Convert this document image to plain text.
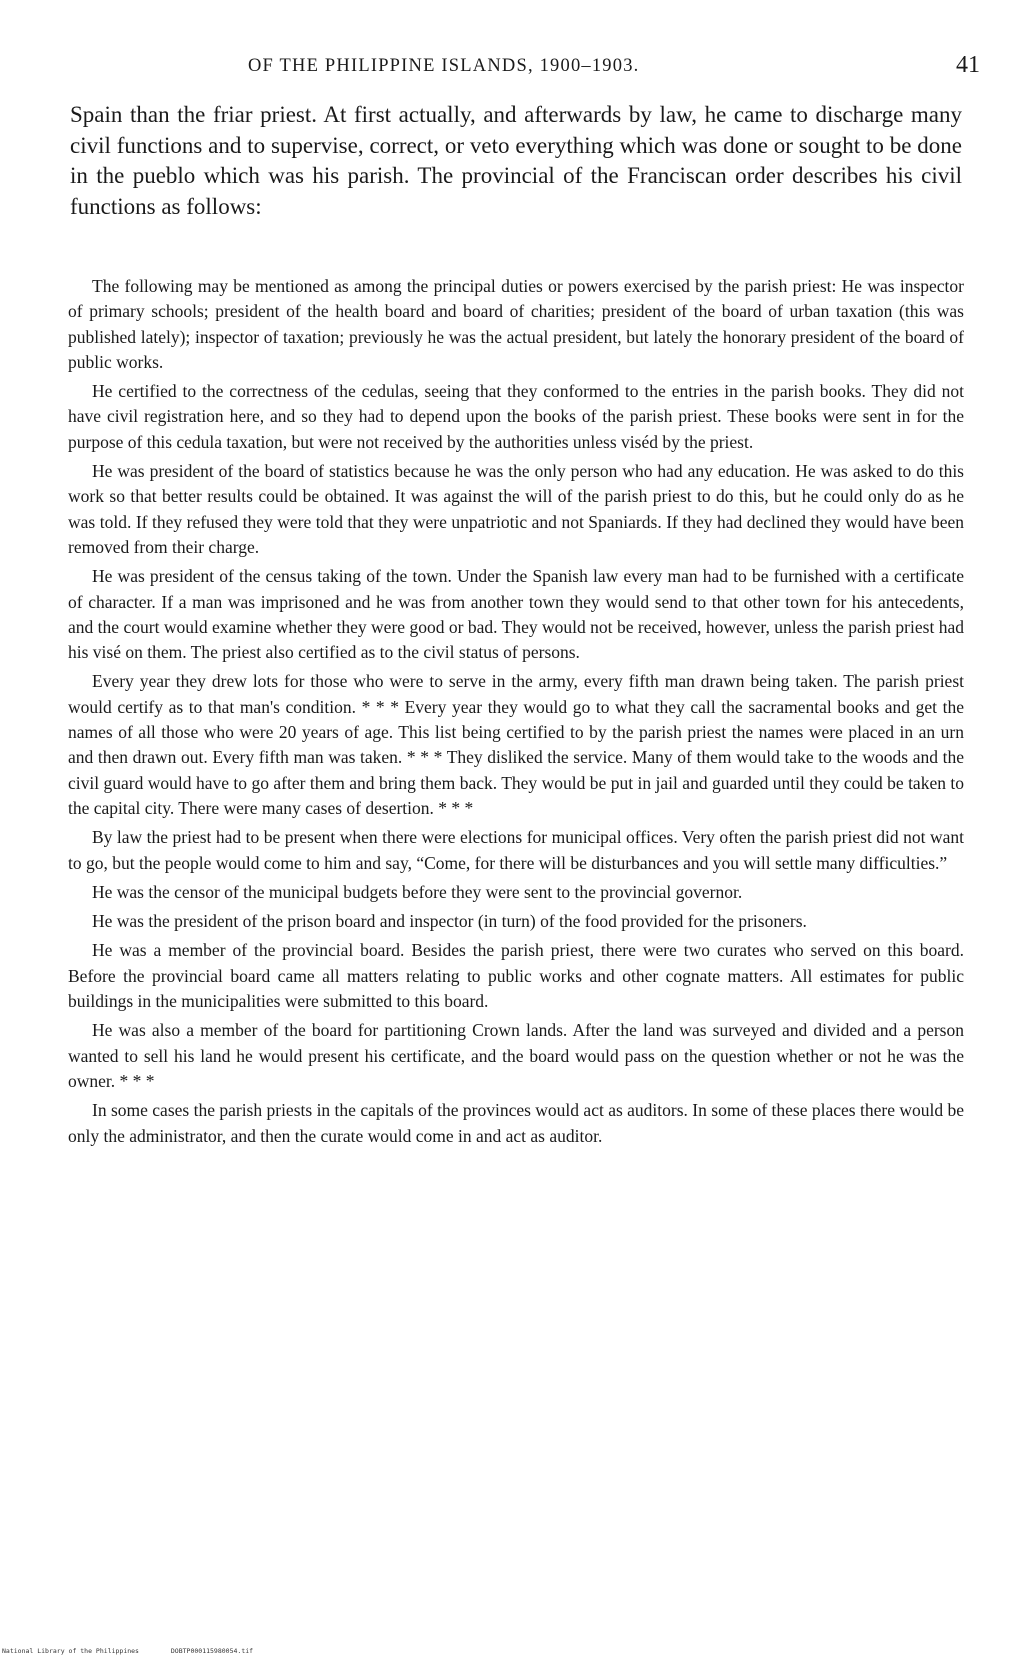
OF THE PHILIPPINE ISLANDS, 1900–1903.	41

Spain than the friar priest. At first actually, and afterwards by law, he came to discharge many civil functions and to supervise, correct, or veto everything which was done or sought to be done in the pueblo which was his parish. The provincial of the Franciscan order describes his civil functions as follows:

The following may be mentioned as among the principal duties or powers exercised by the parish priest: He was inspector of primary schools; president of the health board and board of charities; president of the board of urban taxation (this was published lately); inspector of taxation; previously he was the actual president, but lately the honorary president of the board of public works.

He certified to the correctness of the cedulas, seeing that they conformed to the entries in the parish books. They did not have civil registration here, and so they had to depend upon the books of the parish priest. These books were sent in for the purpose of this cedula taxation, but were not received by the authorities unless viséd by the priest.

He was president of the board of statistics because he was the only person who had any education. He was asked to do this work so that better results could be obtained. It was against the will of the parish priest to do this, but he could only do as he was told. If they refused they were told that they were unpatriotic and not Spaniards. If they had declined they would have been removed from their charge.

He was president of the census taking of the town. Under the Spanish law every man had to be furnished with a certificate of character. If a man was imprisoned and he was from another town they would send to that other town for his antecedents, and the court would examine whether they were good or bad. They would not be received, however, unless the parish priest had his visé on them. The priest also certified as to the civil status of persons.

Every year they drew lots for those who were to serve in the army, every fifth man drawn being taken. The parish priest would certify as to that man's condition. * * * Every year they would go to what they call the sacramental books and get the names of all those who were 20 years of age. This list being certified to by the parish priest the names were placed in an urn and then drawn out. Every fifth man was taken. * * * They disliked the service. Many of them would take to the woods and the civil guard would have to go after them and bring them back. They would be put in jail and guarded until they could be taken to the capital city. There were many cases of desertion. * * *

By law the priest had to be present when there were elections for municipal offices. Very often the parish priest did not want to go, but the people would come to him and say, “Come, for there will be disturbances and you will settle many difficulties.”

He was the censor of the municipal budgets before they were sent to the provincial governor.

He was the president of the prison board and inspector (in turn) of the food provided for the prisoners.

He was a member of the provincial board. Besides the parish priest, there were two curates who served on this board. Before the provincial board came all matters relating to public works and other cognate matters. All estimates for public buildings in the municipalities were submitted to this board.

He was also a member of the board for partitioning Crown lands. After the land was surveyed and divided and a person wanted to sell his land he would present his certificate, and the board would pass on the question whether or not he was the owner. * * *

In some cases the parish priests in the capitals of the provinces would act as auditors. In some of these places there would be only the administrator, and then the curate would come in and act as auditor.

National Library of the Philippines	DOBTP000115980054.tif
